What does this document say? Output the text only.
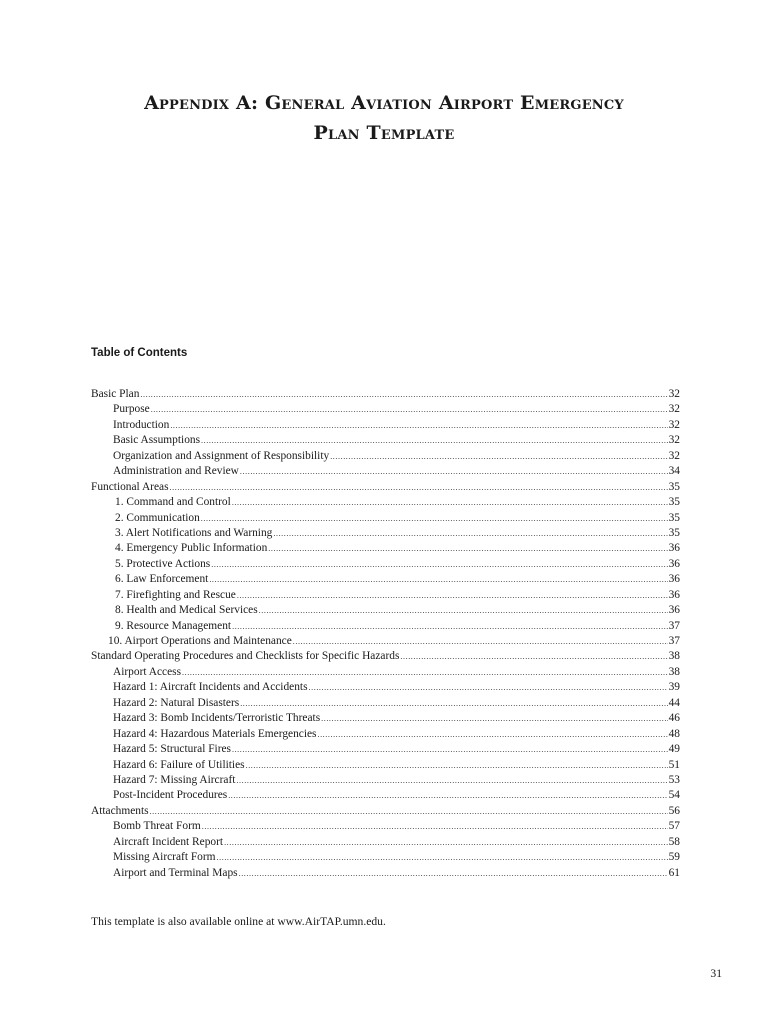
Appendix A: General Aviation Airport Emergency
Plan Template
Table of Contents
Basic Plan .....	32
Purpose .....	32
Introduction .....	32
Basic Assumptions .....	32
Organization and Assignment of Responsibility .....	32
Administration and Review .....	34
Functional Areas .....	35
1. Command and Control .....	35
2. Communication .....	35
3. Alert Notifications and Warning .....	35
4. Emergency Public Information .....	36
5. Protective Actions .....	36
6. Law Enforcement .....	36
7. Firefighting and Rescue .....	36
8. Health and Medical Services .....	36
9. Resource Management .....	37
10. Airport Operations and Maintenance .....	37
Standard Operating Procedures and Checklists for Specific Hazards .....	38
Airport Access .....	38
Hazard 1: Aircraft Incidents and Accidents .....	39
Hazard 2: Natural Disasters .....	44
Hazard 3: Bomb Incidents/Terroristic Threats .....	46
Hazard 4: Hazardous Materials Emergencies .....	48
Hazard 5: Structural Fires .....	49
Hazard 6: Failure of Utilities .....	51
Hazard 7: Missing Aircraft .....	53
Post-Incident Procedures .....	54
Attachments .....	56
Bomb Threat Form .....	57
Aircraft Incident Report .....	58
Missing Aircraft Form .....	59
Airport and Terminal Maps .....	61

This template is also available online at www.AirTAP.umn.edu.

31
